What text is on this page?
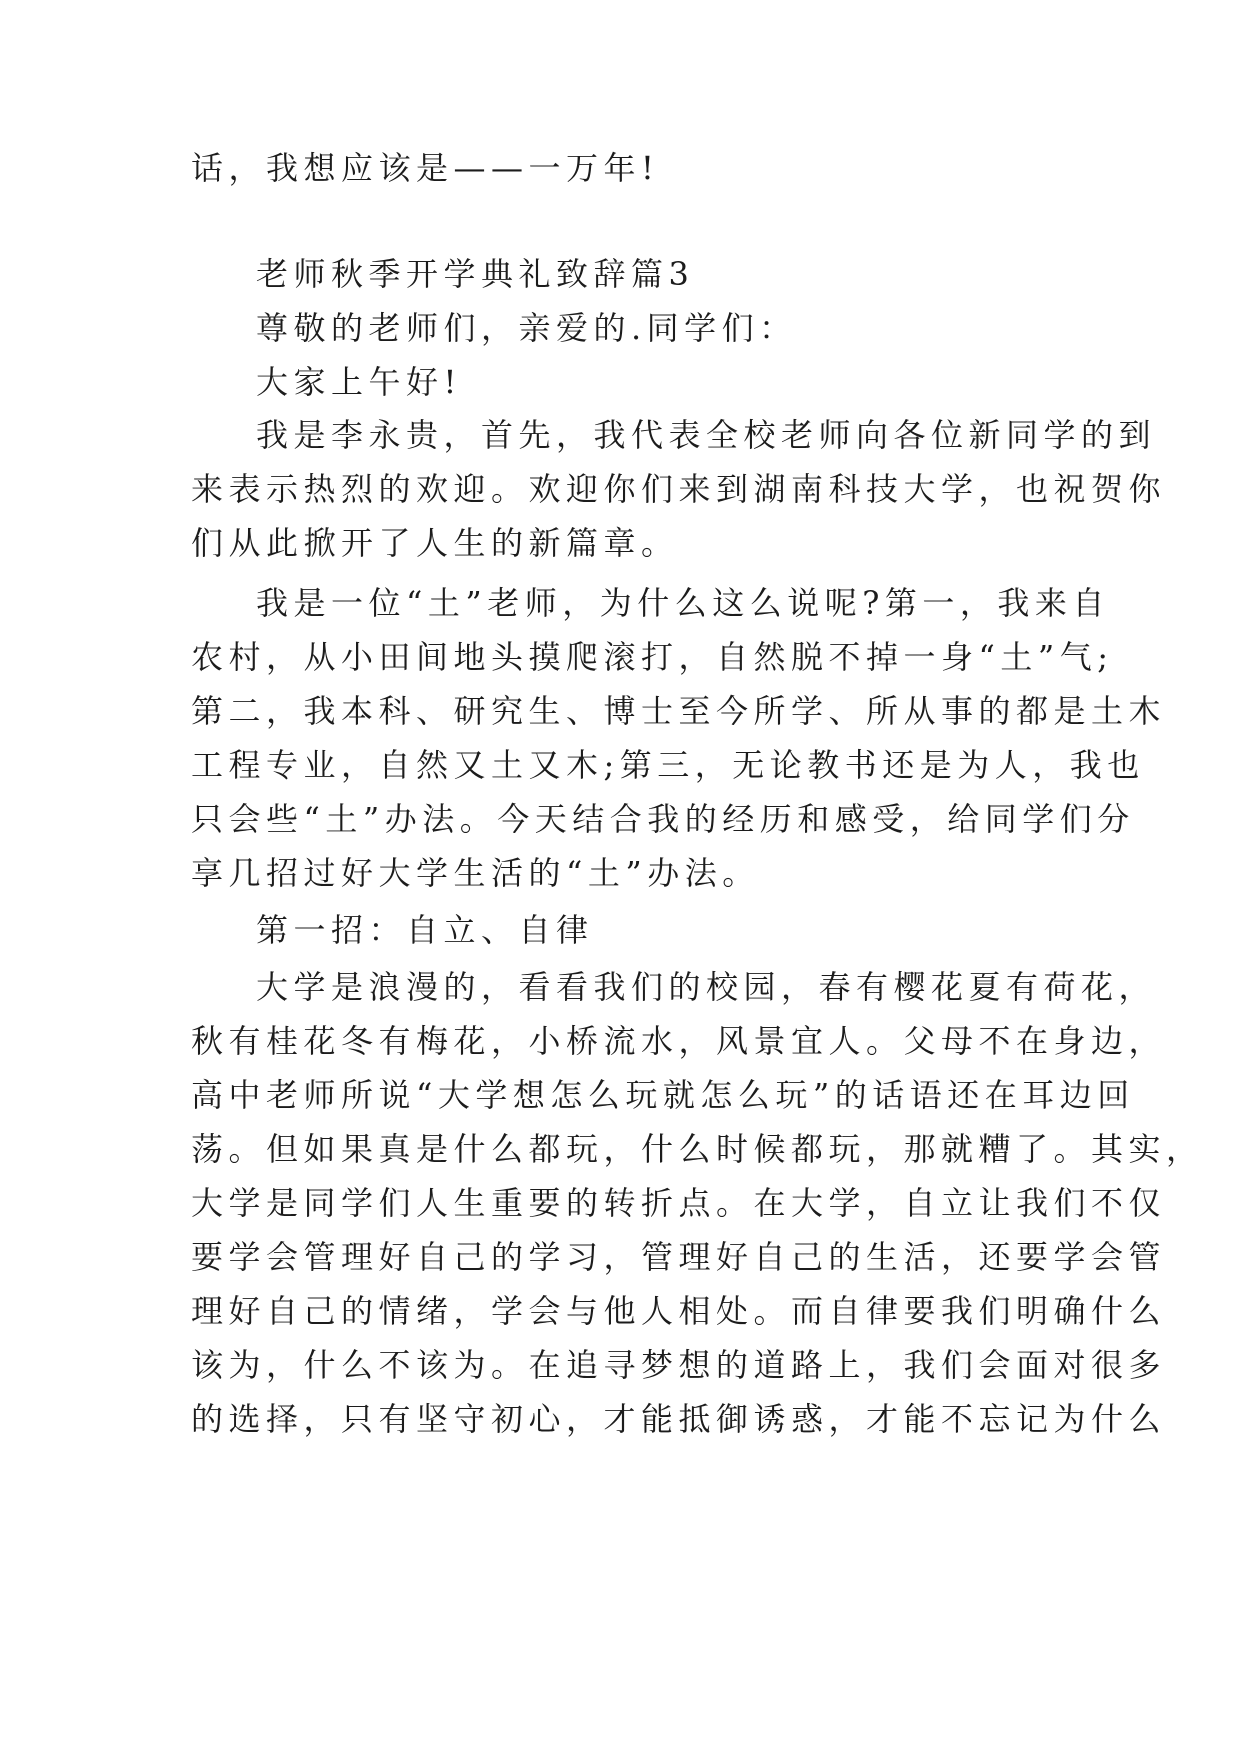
话，我想应该是——一万年!

老师秋季开学典礼致辞篇3

尊敬的老师们，亲爱的.同学们：

大家上午好!

我是李永贵，首先，我代表全校老师向各位新同学的到

来表示热烈的欢迎。欢迎你们来到湖南科技大学，也祝贺你

们从此掀开了人生的新篇章。

我是一位“土”老师，为什么这么说呢?第一，我来自

农村，从小田间地头摸爬滚打，自然脱不掉一身“土”气;

第二，我本科、研究生、博士至今所学、所从事的都是土木

工程专业，自然又土又木;第三，无论教书还是为人，我也

只会些“土”办法。今天结合我的经历和感受，给同学们分

享几招过好大学生活的“土”办法。

第一招：自立、自律

大学是浪漫的，看看我们的校园，春有樱花夏有荷花，

秋有桂花冬有梅花，小桥流水，风景宜人。父母不在身边，

高中老师所说“大学想怎么玩就怎么玩”的话语还在耳边回

荡。但如果真是什么都玩，什么时候都玩，那就糟了。其实，

大学是同学们人生重要的转折点。在大学，自立让我们不仅

要学会管理好自己的学习，管理好自己的生活，还要学会管

理好自己的情绪，学会与他人相处。而自律要我们明确什么

该为，什么不该为。在追寻梦想的道路上，我们会面对很多

的选择，只有坚守初心，才能抵御诱惑，才能不忘记为什么
